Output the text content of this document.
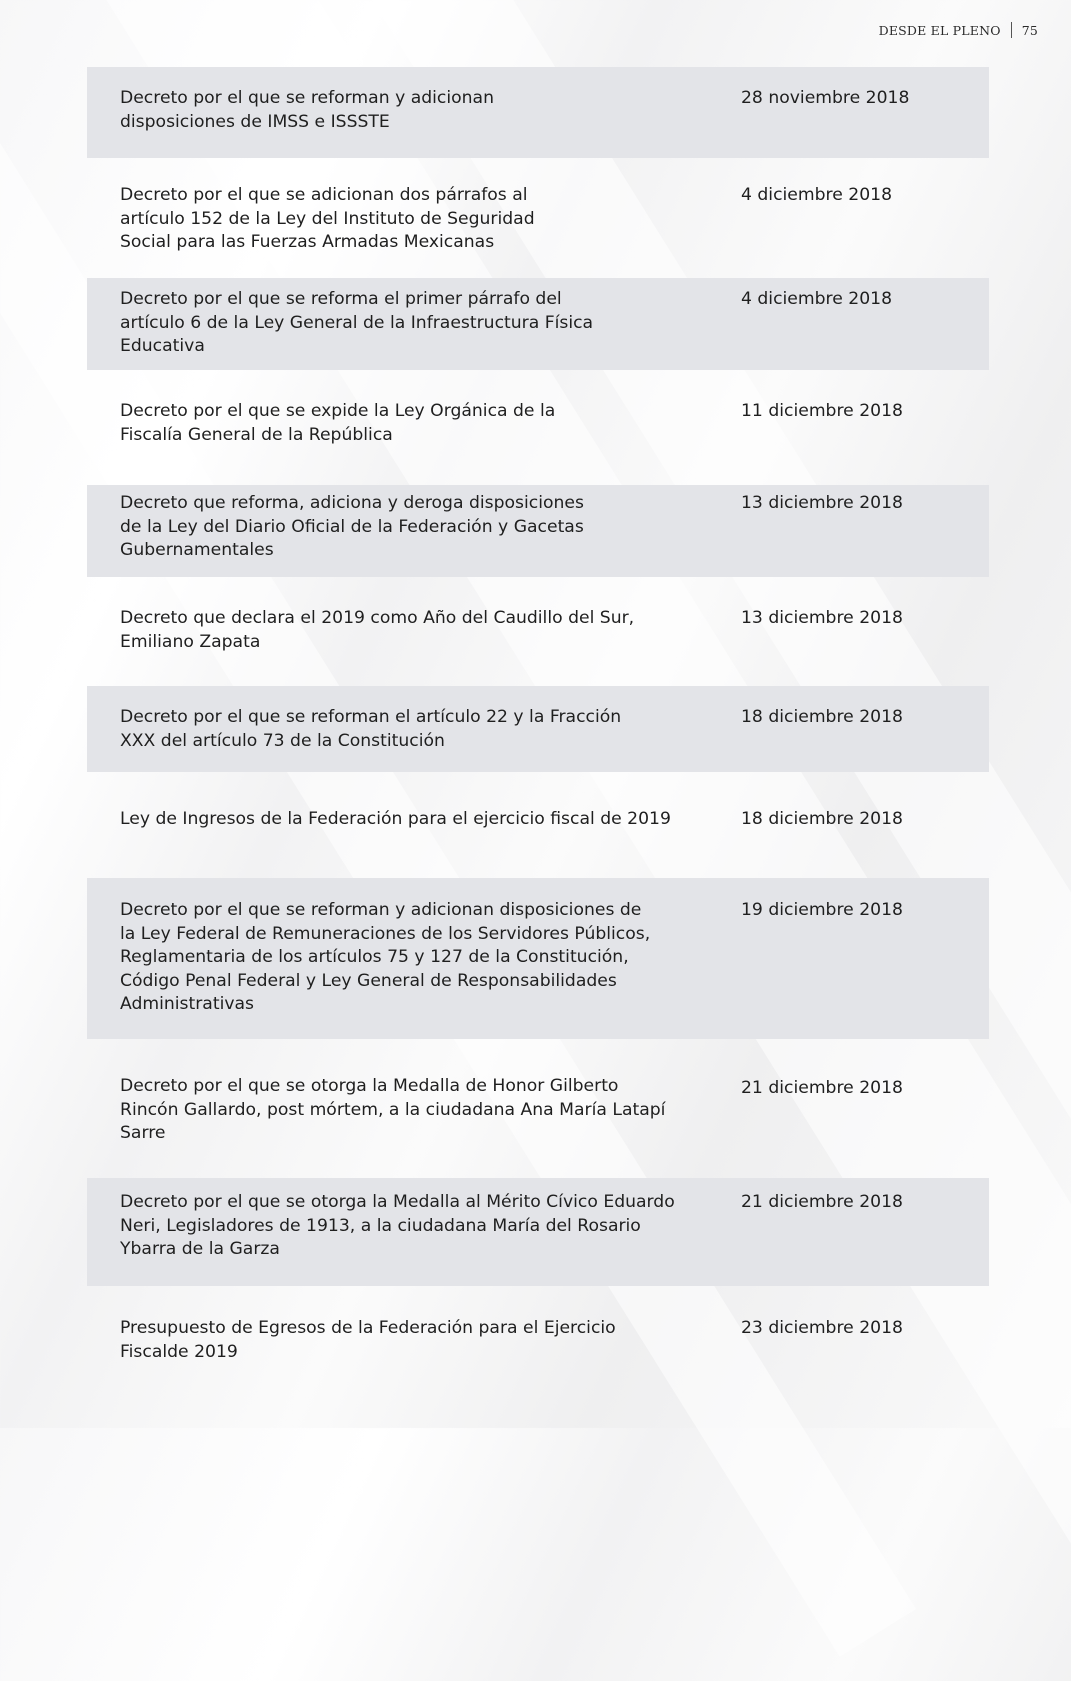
DESDE EL PLENO 75
Decreto por el que se reforman y adicionan
disposiciones de IMSS e ISSSTE
28 noviembre 2018
Decreto por el que se adicionan dos párrafos al
artículo 152 de la Ley del Instituto de Seguridad
Social para las Fuerzas Armadas Mexicanas
4 diciembre 2018
Decreto por el que se reforma el primer párrafo del
artículo 6 de la Ley General de la Infraestructura Física
Educativa
4 diciembre 2018
Decreto por el que se expide la Ley Orgánica de la
Fiscalía General de la República
11 diciembre 2018
Decreto que reforma, adiciona y deroga disposiciones
de la Ley del Diario Oficial de la Federación y Gacetas
Gubernamentales
13 diciembre 2018
Decreto que declara el 2019 como Año del Caudillo del Sur,
Emiliano Zapata
13 diciembre 2018
Decreto por el que se reforman el artículo 22 y la Fracción
XXX del artículo 73 de la Constitución
18 diciembre 2018
Ley de Ingresos de la Federación para el ejercicio fiscal de 2019	18 diciembre 2018
Decreto por el que se reforman y adicionan disposiciones de
la Ley Federal de Remuneraciones de los Servidores Públicos,
Reglamentaria de los artículos 75 y 127 de la Constitución,
Código Penal Federal y Ley General de Responsabilidades
Administrativas
19 diciembre 2018
Decreto por el que se otorga la Medalla de Honor Gilberto
Rincón Gallardo, post mórtem, a la ciudadana Ana María Latapí
Sarre
21 diciembre 2018
Decreto por el que se otorga la Medalla al Mérito Cívico Eduardo
Neri, Legisladores de 1913, a la ciudadana María del Rosario
Ybarra de la Garza
21 diciembre 2018
Presupuesto de Egresos de la Federación para el Ejercicio
Fiscalde 2019
23 diciembre 2018
